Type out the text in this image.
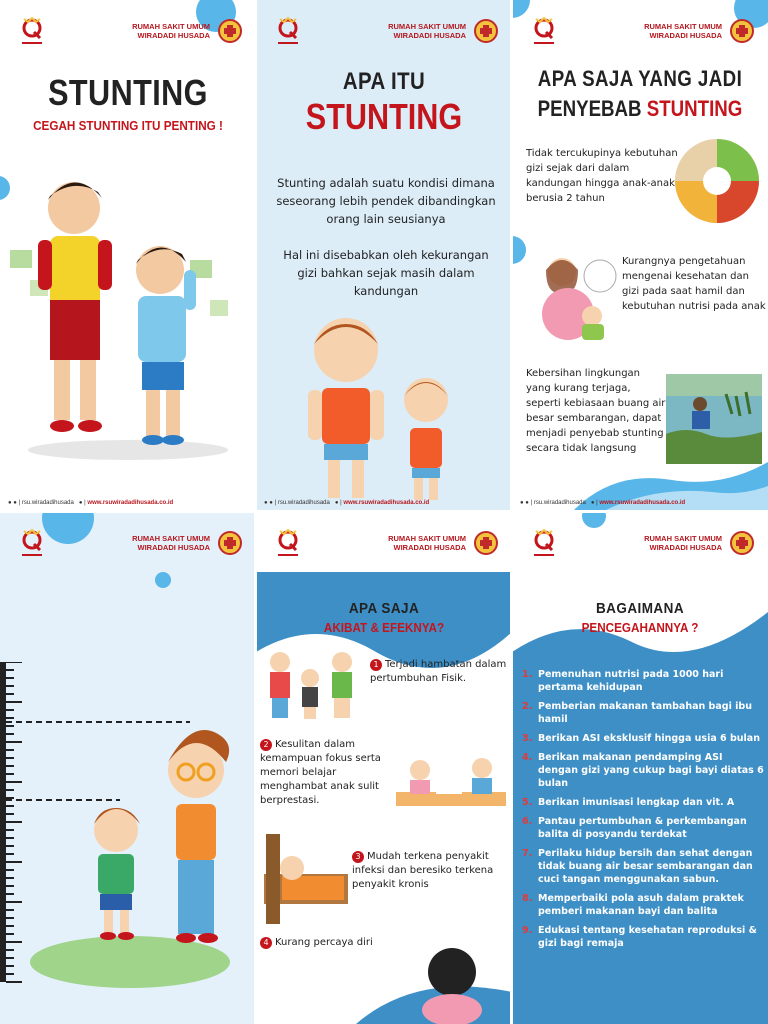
RUMAH SAKIT UMUM
WIRADADI HUSADA
STUNTING
CEGAH STUNTING ITU PENTING !
● ● | rsu.wiradadihusada ● | www.rsuwiradadihusada.co.id
RUMAH SAKIT UMUM
WIRADADI HUSADA
APA ITU
STUNTING
Stunting adalah suatu kondisi dimana seseorang lebih pendek dibandingkan orang lain seusianya
Hal ini disebabkan oleh kekurangan gizi bahkan sejak masih dalam kandungan
● ● | rsu.wiradadihusada ● | www.rsuwiradadihusada.co.id
RUMAH SAKIT UMUM
WIRADADI HUSADA
APA SAJA YANG JADI
PENYEBAB STUNTING
Tidak tercukupinya kebutuhan gizi sejak dari dalam kandungan hingga anak-anak berusia 2 tahun
Kurangnya pengetahuan mengenai kesehatan dan gizi pada saat hamil dan kebutuhan nutrisi pada anak
Kebersihan lingkungan yang kurang terjaga, seperti kebiasaan buang air besar sembarangan, dapat menjadi penyebab stunting secara tidak langsung
● ● | rsu.wiradadihusada ● | www.rsuwiradadihusada.co.id
RUMAH SAKIT UMUM
WIRADADI HUSADA
RUMAH SAKIT UMUM
WIRADADI HUSADA
APA SAJA
AKIBAT & EFEKNYA?
1 Terjadi hambatan dalam pertumbuhan Fisik.
2 Kesulitan dalam kemampuan fokus serta memori belajar menghambat anak sulit berprestasi.
3 Mudah terkena penyakit infeksi dan beresiko terkena penyakit kronis
4 Kurang percaya diri
RUMAH SAKIT UMUM
WIRADADI HUSADA
BAGAIMANA
PENCEGAHANNYA ?
1. Pemenuhan nutrisi pada 1000 hari pertama kehidupan
2. Pemberian makanan tambahan bagi ibu hamil
3. Berikan ASI eksklusif hingga usia 6 bulan
4. Berikan makanan pendamping ASI dengan gizi yang cukup bagi bayi diatas 6 bulan
5. Berikan imunisasi lengkap dan vit. A
6. Pantau pertumbuhan & perkembangan balita di posyandu terdekat
7. Perilaku hidup bersih dan sehat dengan tidak buang air besar sembarangan dan cuci tangan menggunakan sabun.
8. Memperbaiki pola asuh dalam praktek pemberi makanan bayi dan balita
9. Edukasi tentang kesehatan reproduksi & gizi bagi remaja
